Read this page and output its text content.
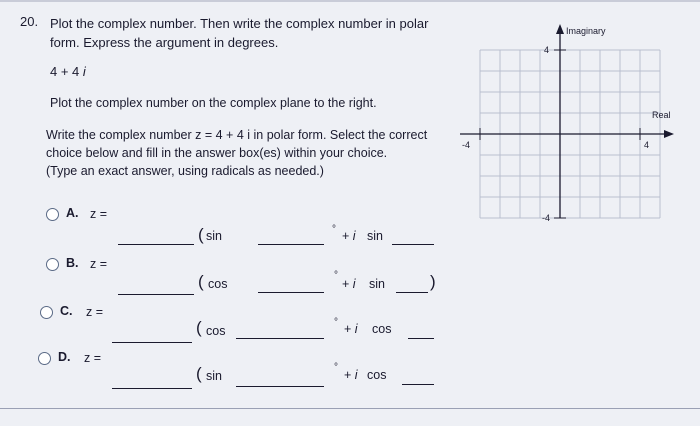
20. Plot the complex number. Then write the complex number in polar form. Express the argument in degrees.
4 + 4 i
Plot the complex number on the complex plane to the right.
Write the complex number z = 4 + 4 i in polar form. Select the correct choice below and fill in the answer box(es) within your choice.
(Type an exact answer, using radicals as needed.)
Imaginary
Real
4
-4
-4	4
A. z =
( sin	° + i sin
B. z =
( cos
°
+ i sin	)
C. z =
( cos
° + i cos
D. z =
( sin
°
+ i cos
